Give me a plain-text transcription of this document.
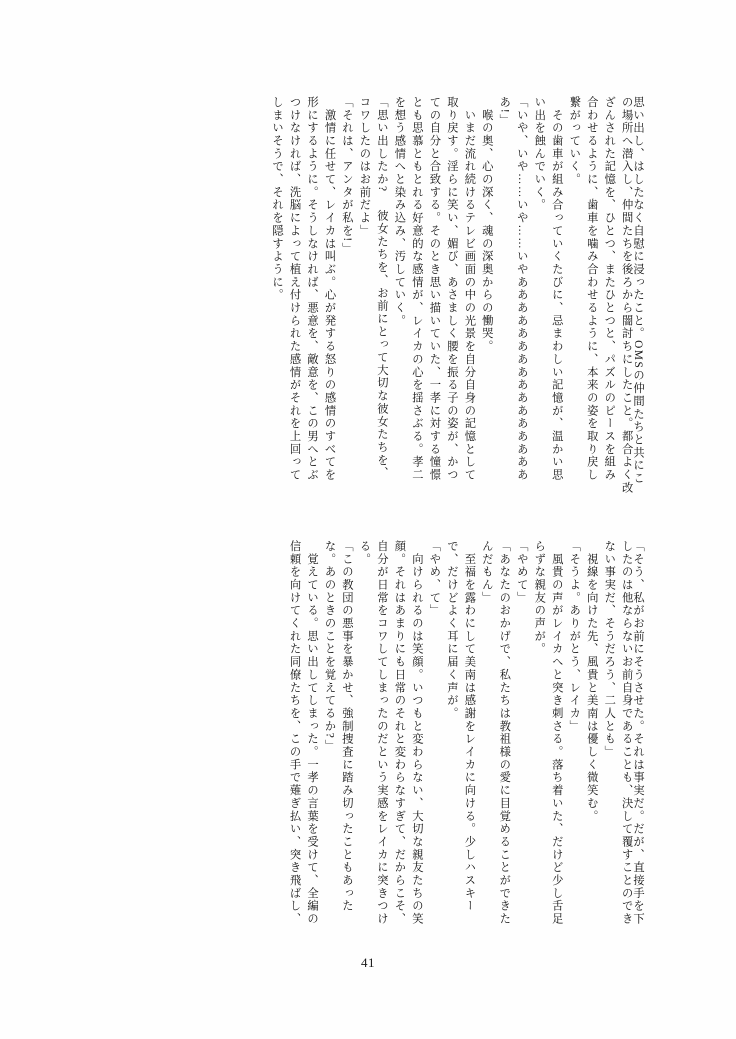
思い出し、はしたなく自慰に浸ったこと。OMSの仲間たちと共にこ
の場所へ潜入し、仲間たちを後ろから闇討ちにしたこと。都合よく改
ざんされた記憶を、ひとつ、またひとつと、パズルのピースを組み
合わせるように、歯車を噛み合わせるように、本来の姿を取り戻し
繋がっていく。
　その歯車が組み合っていくたびに、忌まわしい記憶が、温かい思
い出を蝕んでいく。
「いや、いや……いや……いやああああああああああああああああ
あ!」
　喉の奥、心の深く、魂の深奥からの慟哭。
　いまだ流れ続けるテレビ画面の中の光景を自分自身の記憶として
取り戻す。淫らに笑い、媚び、あさましく腰を振る子の姿が、かつ
ての自分と合致する。そのとき思い描いていた、一孝に対する憧憬
とも思慕ともとれる好意的な感情が、レイカの心を揺さぶる。孝二
を想う感情へと染み込み、汚していく。
「思い出したか? 　彼女たちを、お前にとって大切な彼女たちを、
コワしたのはお前だよ」
「それは、アンタが私を!」
　激情に任せて、レイカは叫ぶ。心が発する怒りの感情のすべてを
形にするように。そうしなければ、悪意を、敵意を、この男へとぶ
つけなければ、洗脳によって植え付けられた感情がそれを上回って
しまいそうで、それを隠すように。
「そう、私がお前にそうさせた。それは事実だ。だが、直接手を下
したのは他ならないお前自身であることも、決して覆すことのでき
ない事実だ、そうだろう、二人とも」
　視線を向けた先、風貴と美南は優しく微笑む。
「そうよ。ありがとう、レイカ」
　風貴の声がレイカへと突き刺さる。落ち着いた、だけど少し舌足
らずな親友の声が。
「やめて」
「あなたのおかげで、私たちは教祖様の愛に目覚めることができた
んだもん」
　至福を露わにして美南は感謝をレイカに向ける。少しハスキー
で、だけどよく耳に届く声が。
「やめ、て」
　向けられるのは笑顔。いつもと変わらない、大切な親友たちの笑
顔。それはあまりにも日常のそれと変わらなすぎて、だからこそ、
自分が日常をコワしてしまったのだという実感をレイカに突きつけ
る。
「この教団の悪事を暴かせ、強制捜査に踏み切ったこともあった
な。あのときのことを覚えてるか?」
　覚えている。思い出してしまった。一孝の言葉を受けて、全編の
信頼を向けてくれた同僚たちを、この手で薙ぎ払い、突き飛ばし、
41
